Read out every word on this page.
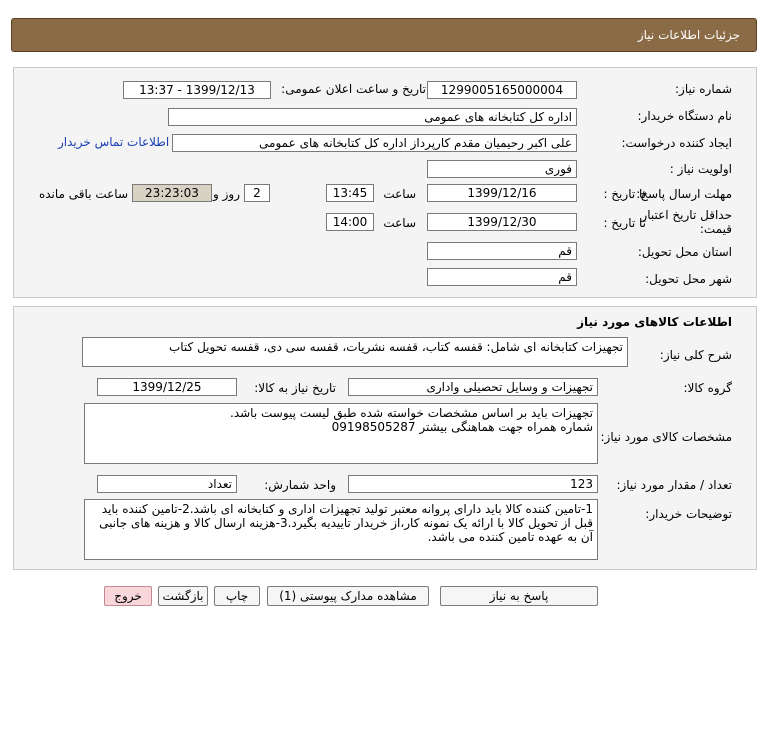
جزئیات اطلاعات نیاز
شماره نیاز:
1299005165000004
تاریخ و ساعت اعلان عمومی:
1399/12/13 - 13:37
نام دستگاه خریدار:
اداره کل کتابخانه های عمومی
ایجاد کننده درخواست:
علی اکبر رحیمیان مقدم کارپرداز اداره کل کتابخانه های عمومی
اطلاعات تماس خریدار
اولویت نیاز :
فوری
مهلت ارسال پاسخ:
تا تاریخ :
1399/12/16
ساعت
13:45
2
روز و
23:23:03
ساعت باقی مانده
حداقل تاریخ اعتبار
قیمت:
تا تاریخ :
1399/12/30
ساعت
14:00
استان محل تحویل:
قم
شهر محل تحویل:
قم
اطلاعات کالاهای مورد نیاز
شرح کلی نیاز:
تجهیزات کتابخانه ای شامل: قفسه کتاب، قفسه نشریات، قفسه سی دی، قفسه تحویل کتاب
گروه کالا:
تجهیزات و وسایل تحصیلی واداری
تاریخ نیاز به کالا:
1399/12/25
مشخصات کالای مورد نیاز:
تجهیزات باید بر اساس مشخصات خواسته شده طبق لیست پیوست باشد.
شماره همراه جهت هماهنگی بیشتر 09198505287
تعداد / مقدار مورد نیاز:
123
واحد شمارش:
تعداد
توضیحات خریدار:
1-تامین کننده کالا باید دارای پروانه معتبر تولید تجهیزات اداری و کتابخانه ای باشد.2-تامین کننده باید قبل از تحویل کالا با ارائه یک نمونه کار،از خریدار تاییدیه بگیرد.3-هزینه ارسال کالا و هزینه های جانبی آن به عهده تامین کننده می باشد.
پاسخ به نیاز
مشاهده مدارک پیوستی (1)
چاپ
بازگشت
خروج
